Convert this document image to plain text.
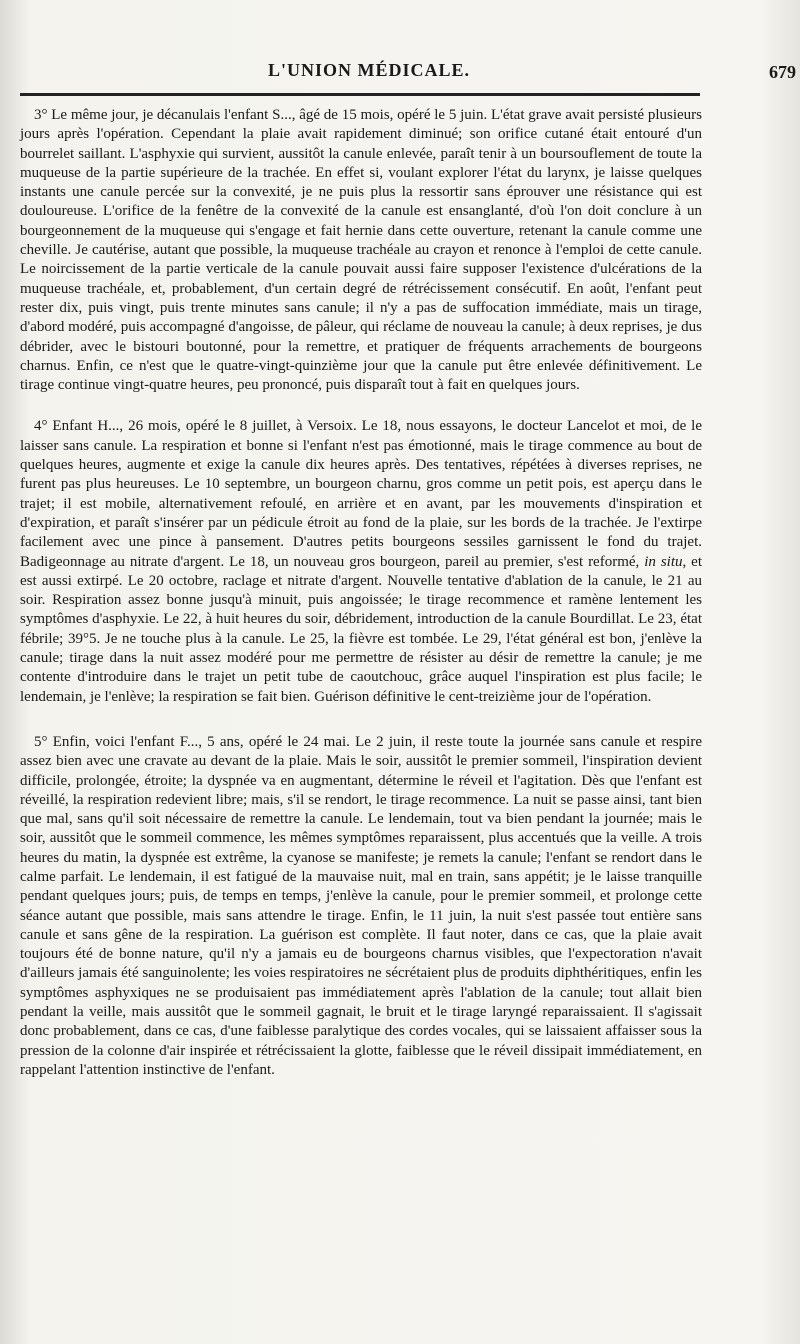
L'UNION MÉDICALE.	679

3° Le même jour, je décanulais l'enfant S..., âgé de 15 mois, opéré le 5 juin. L'état grave avait persisté plusieurs jours après l'opération. Cependant la plaie avait rapidement diminué; son orifice cutané était entouré d'un bourrelet saillant. L'asphyxie qui survient, aussitôt la canule enlevée, paraît tenir à un boursouflement de toute la muqueuse de la partie supérieure de la trachée. En effet si, voulant explorer l'état du larynx, je laisse quelques instants une canule percée sur la convexité, je ne puis plus la ressortir sans éprouver une résistance qui est douloureuse. L'orifice de la fenêtre de la convexité de la canule est ensanglanté, d'où l'on doit conclure à un bourgeonnement de la muqueuse qui s'engage et fait hernie dans cette ouverture, retenant la canule comme une cheville. Je cautérise, autant que possible, la muqueuse trachéale au crayon et renonce à l'emploi de cette canule. Le noircissement de la partie verticale de la canule pouvait aussi faire supposer l'existence d'ulcérations de la muqueuse trachéale, et, probablement, d'un certain degré de rétrécissement consécutif. En août, l'enfant peut rester dix, puis vingt, puis trente minutes sans canule; il n'y a pas de suffocation immédiate, mais un tirage, d'abord modéré, puis accompagné d'angoisse, de pâleur, qui réclame de nouveau la canule; à deux reprises, je dus débrider, avec le bistouri boutonné, pour la remettre, et pratiquer de fréquents arrachements de bourgeons charnus. Enfin, ce n'est que le quatre-vingt-quinzième jour que la canule put être enlevée définitivement. Le tirage continue vingt-quatre heures, peu prononcé, puis disparaît tout à fait en quelques jours.

4° Enfant H..., 26 mois, opéré le 8 juillet, à Versoix. Le 18, nous essayons, le docteur Lancelot et moi, de le laisser sans canule. La respiration et bonne si l'enfant n'est pas émotionné, mais le tirage commence au bout de quelques heures, augmente et exige la canule dix heures après. Des tentatives, répétées à diverses reprises, ne furent pas plus heureuses. Le 10 septembre, un bourgeon charnu, gros comme un petit pois, est aperçu dans le trajet; il est mobile, alternativement refoulé, en arrière et en avant, par les mouvements d'inspiration et d'expiration, et paraît s'insérer par un pédicule étroit au fond de la plaie, sur les bords de la trachée. Je l'extirpe facilement avec une pince à pansement. D'autres petits bourgeons sessiles garnissent le fond du trajet. Badigeonnage au nitrate d'argent. Le 18, un nouveau gros bourgeon, pareil au premier, s'est reformé, in situ, et est aussi extirpé. Le 20 octobre, raclage et nitrate d'argent. Nouvelle tentative d'ablation de la canule, le 21 au soir. Respiration assez bonne jusqu'à minuit, puis angoissée; le tirage recommence et ramène lentement les symptômes d'asphyxie. Le 22, à huit heures du soir, débridement, introduction de la canule Bourdillat. Le 23, état fébrile; 39°5. Je ne touche plus à la canule. Le 25, la fièvre est tombée. Le 29, l'état général est bon, j'enlève la canule; tirage dans la nuit assez modéré pour me permettre de résister au désir de remettre la canule; je me contente d'introduire dans le trajet un petit tube de caoutchouc, grâce auquel l'inspiration est plus facile; le lendemain, je l'enlève; la respiration se fait bien. Guérison définitive le cent-treizième jour de l'opération.

5° Enfin, voici l'enfant F..., 5 ans, opéré le 24 mai. Le 2 juin, il reste toute la journée sans canule et respire assez bien avec une cravate au devant de la plaie. Mais le soir, aussitôt le premier sommeil, l'inspiration devient difficile, prolongée, étroite; la dyspnée va en augmentant, détermine le réveil et l'agitation. Dès que l'enfant est réveillé, la respiration redevient libre; mais, s'il se rendort, le tirage recommence. La nuit se passe ainsi, tant bien que mal, sans qu'il soit nécessaire de remettre la canule. Le lendemain, tout va bien pendant la journée; mais le soir, aussitôt que le sommeil commence, les mêmes symptômes reparaissent, plus accentués que la veille. A trois heures du matin, la dyspnée est extrême, la cyanose se manifeste; je remets la canule; l'enfant se rendort dans le calme parfait. Le lendemain, il est fatigué de la mauvaise nuit, mal en train, sans appétit; je le laisse tranquille pendant quelques jours; puis, de temps en temps, j'enlève la canule, pour le premier sommeil, et prolonge cette séance autant que possible, mais sans attendre le tirage. Enfin, le 11 juin, la nuit s'est passée tout entière sans canule et sans gêne de la respiration. La guérison est complète. Il faut noter, dans ce cas, que la plaie avait toujours été de bonne nature, qu'il n'y a jamais eu de bourgeons charnus visibles, que l'expectoration n'avait d'ailleurs jamais été sanguinolente; les voies respiratoires ne sécrétaient plus de produits diphthéritiques, enfin les symptômes asphyxiques ne se produisaient pas immédiatement après l'ablation de la canule; tout allait bien pendant la veille, mais aussitôt que le sommeil gagnait, le bruit et le tirage laryngé reparaissaient. Il s'agissait donc probablement, dans ce cas, d'une faiblesse paralytique des cordes vocales, qui se laissaient affaisser sous la pression de la colonne d'air inspirée et rétrécissaient la glotte, faiblesse que le réveil dissipait immédiatement, en rappelant l'attention instinctive de l'enfant.
